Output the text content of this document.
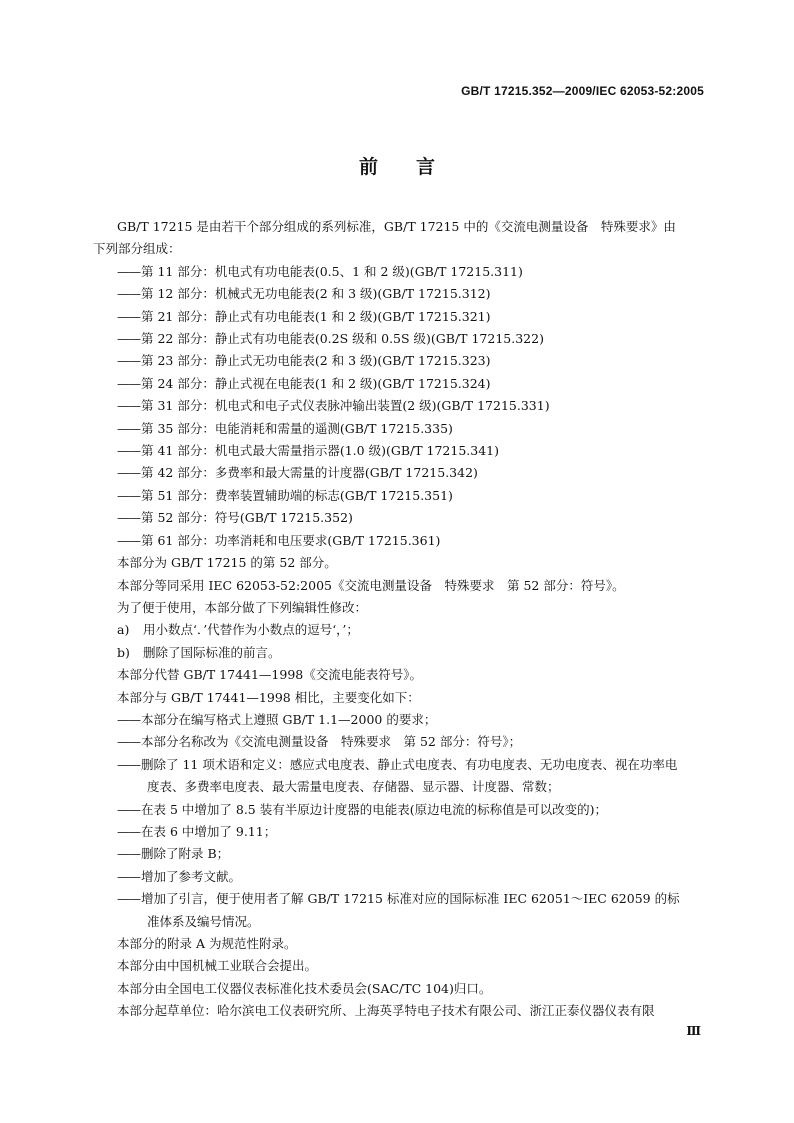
GB/T 17215.352—2009/IEC 62053-52:2005
前言

GB/T 17215 是由若干个部分组成的系列标准，GB/T 17215 中的《交流电测量设备　特殊要求》由

下列部分组成：

—— 第 11 部分：机电式有功电能表(0.5、1 和 2 级)(GB/T 17215.311)
—— 第 12 部分：机械式无功电能表(2 和 3 级)(GB/T 17215.312)
—— 第 21 部分：静止式有功电能表(1 和 2 级)(GB/T 17215.321)
—— 第 22 部分：静止式有功电能表(0.2S 级和 0.5S 级)(GB/T 17215.322)
—— 第 23 部分：静止式无功电能表(2 和 3 级)(GB/T 17215.323)
—— 第 24 部分：静止式视在电能表(1 和 2 级)(GB/T 17215.324)
—— 第 31 部分：机电式和电子式仪表脉冲输出装置(2 级)(GB/T 17215.331)
—— 第 35 部分：电能消耗和需量的遥测(GB/T 17215.335)
—— 第 41 部分：机电式最大需量指示器(1.0 级)(GB/T 17215.341)
—— 第 42 部分：多费率和最大需量的计度器(GB/T 17215.342)
—— 第 51 部分：费率装置辅助端的标志(GB/T 17215.351)
—— 第 52 部分：符号(GB/T 17215.352)
—— 第 61 部分：功率消耗和电压要求(GB/T 17215.361)

本部分为 GB/T 17215 的第 52 部分。

本部分等同采用 IEC 62053-52:2005《交流电测量设备　特殊要求　第 52 部分：符号》。

为了便于使用，本部分做了下列编辑性修改：

a) 用小数点‘．’代替作为小数点的逗号‘，’；
b) 删除了国际标准的前言。

本部分代替 GB/T 17441—1998《交流电能表符号》。

本部分与 GB/T 17441—1998 相比，主要变化如下：

—— 本部分在编写格式上遵照 GB/T 1.1—2000 的要求；
—— 本部分名称改为《交流电测量设备　特殊要求　第 52 部分：符号》；
—— 删除了 11 项术语和定义：感应式电度表、静止式电度表、有功电度表、无功电度表、视在功率电
度表、多费率电度表、最大需量电度表、存储器、显示器、计度器、常数；
—— 在表 5 中增加了 8.5 装有半原边计度器的电能表(原边电流的标称值是可以改变的)；
—— 在表 6 中增加了 9.11；
—— 删除了附录 B；
—— 增加了参考文献。
—— 增加了引言，便于使用者了解 GB/T 17215 标准对应的国际标准 IEC 62051～IEC 62059 的标
准体系及编号情况。

本部分的附录 A 为规范性附录。

本部分由中国机械工业联合会提出。

本部分由全国电工仪器仪表标准化技术委员会(SAC/TC 104)归口。

本部分起草单位：哈尔滨电工仪表研究所、上海英孚特电子技术有限公司、浙江正泰仪器仪表有限

Ⅲ
